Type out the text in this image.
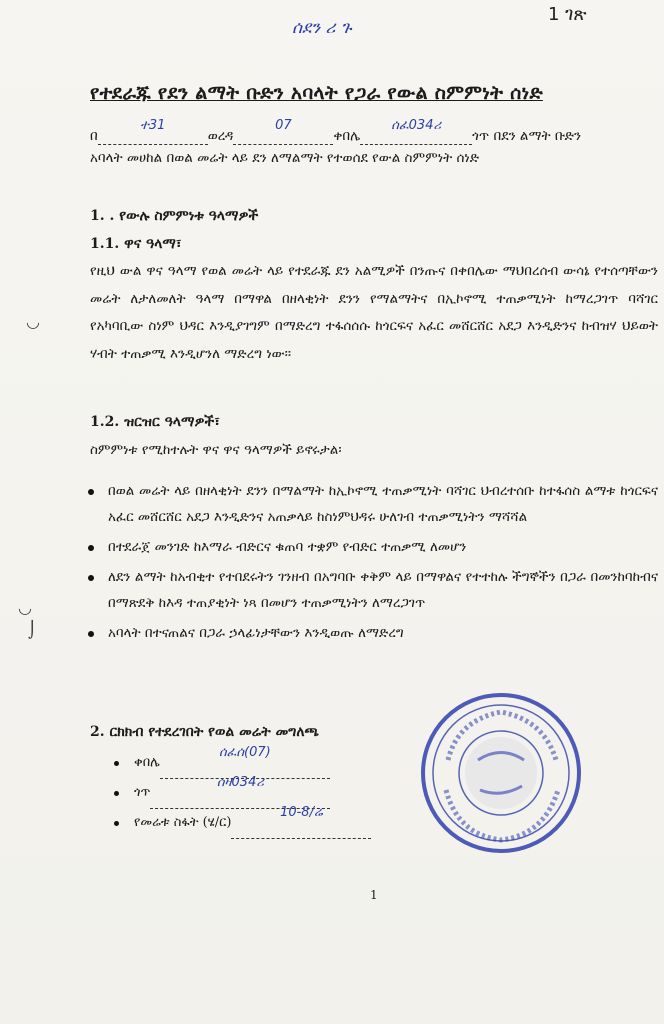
ሰደን ሪ ጉ
1 ገጽ
የተደራጁ የደን ልማት ቡድን አባላት የጋራ የውል ስምምነት ሰነድ
በ
ተ31
ወረዳ
07
ቀበሌ
ሰፈ034ሪ
ጎጥ በደን ልማት ቡድን
አባላት መሀከል በወል መሬት ላይ ደን ለማልማት የተወሰደ የውል ስምምነት ሰነድ
1. . የውሉ ስምምነቱ ዓላማዎች
1.1. ዋና ዓላማ፣
የዚህ ውል ዋና ዓላማ የወል መሬት ላይ የተደራጁ ደን አልሚዎች በንጡና በቀበሌው ማህበረሰብ ውሳኔ የተሰጣቸውን መሬት ለታለመለት ዓላማ በማዋል በዘላቂነት ደንን የማልማትና በኢኮኖሚ ተጠቃሚነት ከማረጋገጥ ባሻገር የአካባቢው ስነም ህዳር እንዲያገግም በማድረግ ተፋሰሰሱ ከጎርፍና አፈር መሸርሸር አደጋ እንዲድንና ከብዝሃ ህይወት ሃብት ተጠቃሚ እንዲሆንለ ማድረግ ነው፡፡
1.2. ዝርዝር ዓላማዎች፣
ስምምነቱ የሚከተሉት ዋና ዋና ዓላማዎች ይኖሩታል፡
በወል መሬት ላይ በዘላቂነት ደንን በማልማት ከኢኮኖሚ ተጠቃሚነት ባሻገር ህብረተሰቡ ከተፋሰስ ልማቱ ከጎርፍና አፈር መሸርሸር አደጋ እንዲድንና አጠቃላይ ከስነምህዳሩ ሁለገብ ተጠቃሚነትን ማሻሻል
በተደራጀ መንገድ ከእማራ ብድርና ቁጠባ ተቋም የብድር ተጠቃሚ ለመሆን
ለደን ልማት ከአብቂተ የተበደሩትን ገንዘብ በአግባቡ ቀቅም ላይ በማዋልና የተተከሉ ችግኞችን በጋራ በመንከባከብና በማጽደቅ ከእዳ ተጠያቂነት ነጻ በመሆን ተጠቃሚነትን ለማረጋገጥ
አባላት በተናጠልና በጋራ ኃላፊነታቸውን እንዲወጡ ለማድረግ
2. ርክክብ የተደረገበት የወል መሬት መግለጫ
ቀበሌ
ሰፈሰ(07)

ጎጥ
ሰዛ034ሪ

የመሬቱ ስፋት (ሄ/ር)
10-8/ሬ

1
◡
◡
⌡
